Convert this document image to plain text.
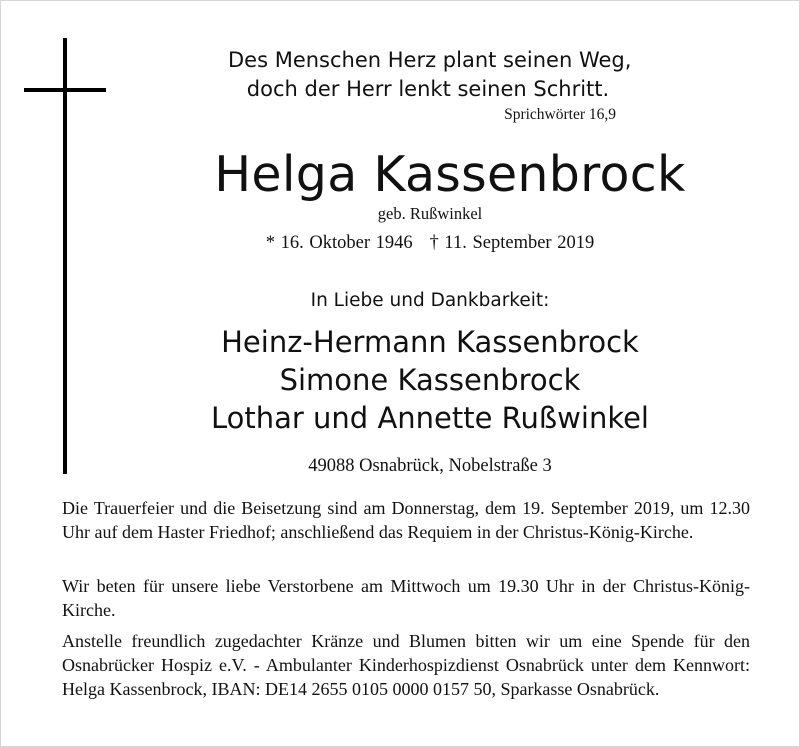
Des Menschen Herz plant seinen Weg,
doch der Herr lenkt seinen Schritt.
Sprichwörter 16,9
Helga Kassenbrock
geb. Rußwinkel
* 16. Oktober 1946   † 11. September 2019
In Liebe und Dankbarkeit:
Heinz-Hermann Kassenbrock
Simone Kassenbrock
Lothar und Annette Rußwinkel
49088 Osnabrück, Nobelstraße 3
Die Trauerfeier und die Beisetzung sind am Donnerstag, dem 19. September 2019, um 12.30 Uhr auf dem Haster Friedhof; anschließend das Requiem in der Christus-König-Kirche.
Wir beten für unsere liebe Verstorbene am Mittwoch um 19.30 Uhr in der Christus-König-Kirche.
Anstelle freundlich zugedachter Kränze und Blumen bitten wir um eine Spende für den Osnabrücker Hospiz e.V. - Ambulanter Kinderhospizdienst Osnabrück unter dem Kennwort: Helga Kassenbrock, IBAN: DE14 2655 0105 0000 0157 50, Sparkasse Osnabrück.
